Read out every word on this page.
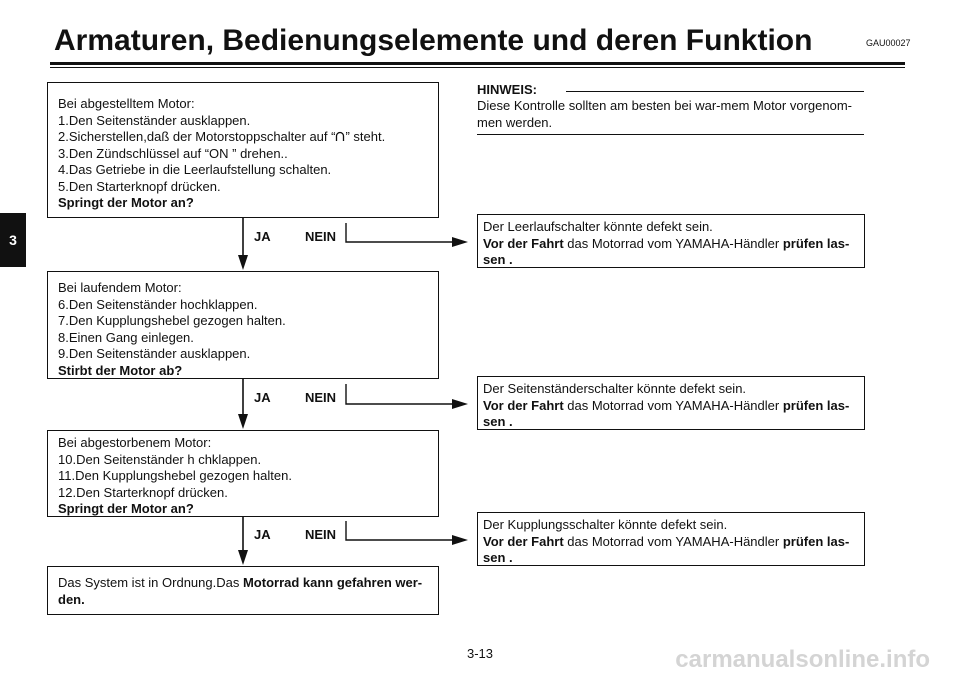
Armaturen, Bedienungselemente und deren Funktion	GAU00027
3
HINWEIS:
Diese Kontrolle sollten am besten bei war-mem Motor vorgenom-men werden.
Bei abgestelltem Motor:
1.Den Seitenständer ausklappen.
2.Sicherstellen,daß der Motorstoppschalter auf “ ” steht.
3.Den Zündschlüssel auf “ON ” drehen..
4.Das Getriebe in die Leerlaufstellung schalten.
5.Den Starterknopf drücken.
Springt der Motor an?
Bei laufendem Motor:
6.Den Seitenständer hochklappen.
7.Den Kupplungshebel gezogen halten.
8.Einen Gang einlegen.
9.Den Seitenständer ausklappen.
Stirbt der Motor ab?
Bei abgestorbenem Motor:
10.Den Seitenständer h chklappen.
11.Den Kupplungshebel gezogen halten.
12.Den Starterknopf drücken.
Springt der Motor an?
Das System ist in Ordnung.Das Motorrad kann gefahren wer-
den.
JA	NEIN
JA	NEIN
JA	NEIN
Der Leerlaufschalter könnte defekt sein.
Vor der Fahrt das Motorrad vom YAMAHA-Händler prüfen las-
sen .
Der Seitenständerschalter könnte defekt sein.
Vor der Fahrt das Motorrad vom YAMAHA-Händler prüfen las-
sen .
Der Kupplungsschalter könnte defekt sein.
Vor der Fahrt das Motorrad vom YAMAHA-Händler prüfen las-
sen .
3-13	carmanualsonline.info
